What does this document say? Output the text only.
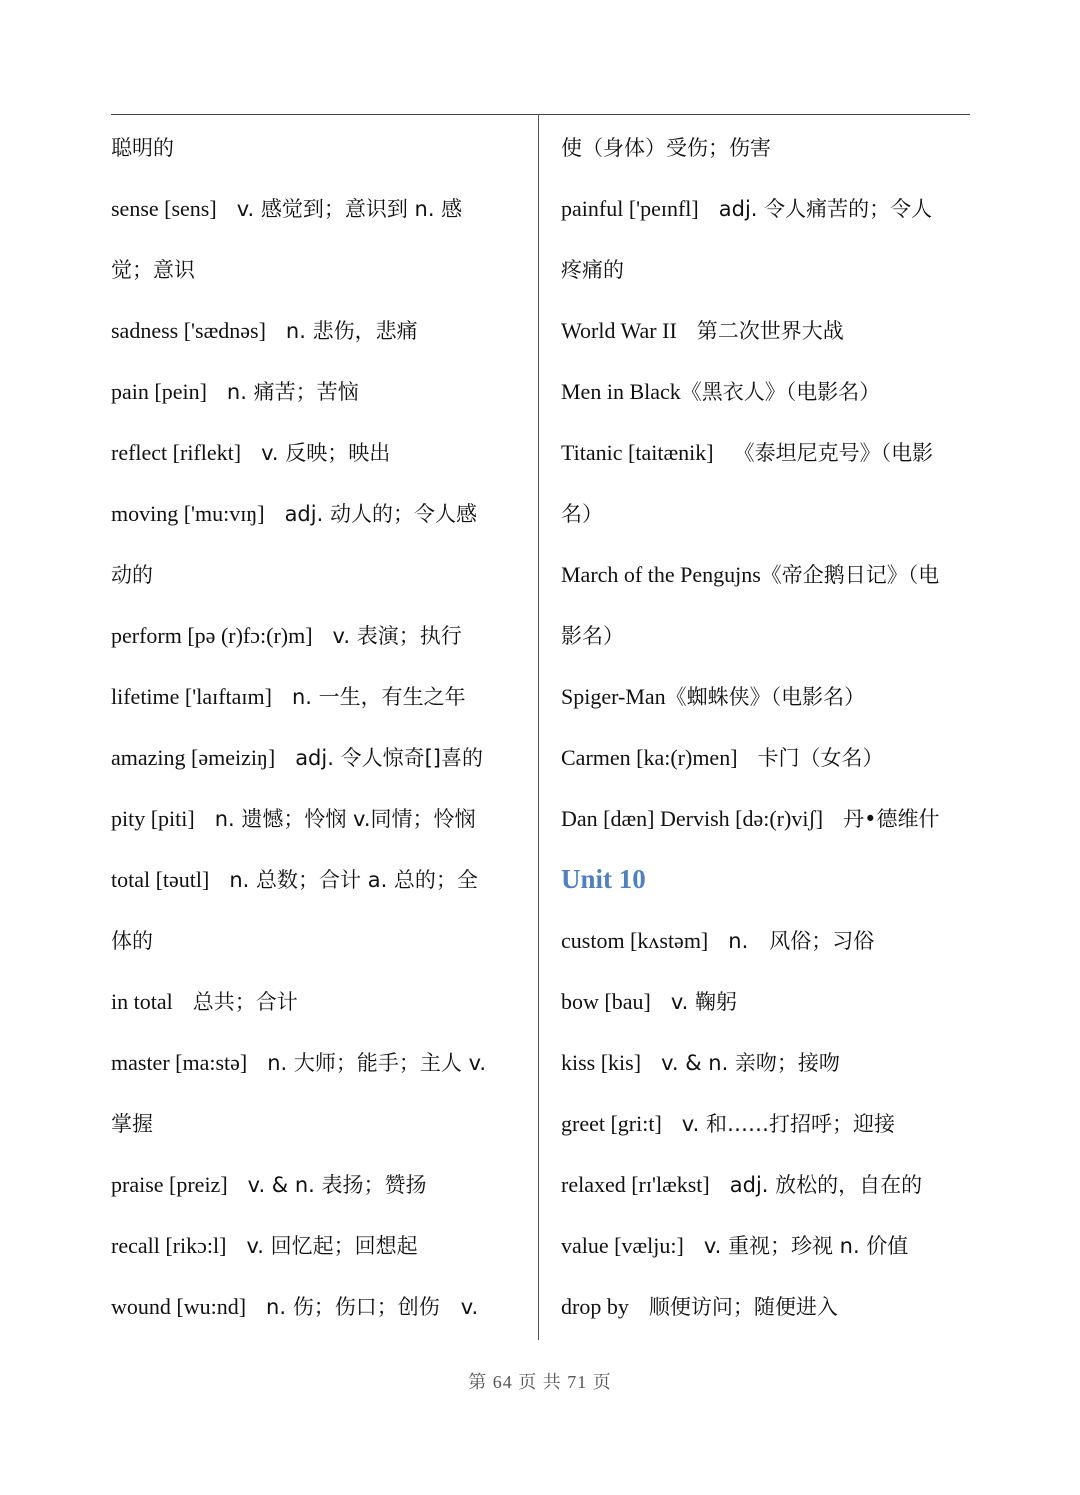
聪明的
sense [sens] v. 感觉到；意识到 n. 感
觉；意识
sadness ['sædnəs] n. 悲伤，悲痛
pain [pein] n. 痛苦；苦恼
reflect [riflekt] v. 反映；映出
moving ['mu:vɪŋ] adj. 动人的；令人感
动的
perform [pə (r)fɔ:(r)m] v. 表演；执行
lifetime ['laɪftaɪm] n. 一生，有生之年
amazing [əmeiziŋ] adj. 令人惊奇[]喜的
pity [piti] n. 遗憾；怜悯 v.同情；怜悯
total [təutl] n. 总数；合计 a. 总的；全
体的
in total 总共；合计
master [ma:stə] n. 大师；能手；主人 v.
掌握
praise [preiz] v. & n. 表扬；赞扬
recall [rikɔ:l] v. 回忆起；回想起
wound [wu:nd] n. 伤；伤口；创伤　v.
使（身体）受伤；伤害
painful ['peɪnfl] adj. 令人痛苦的；令人
疼痛的
World War II 第二次世界大战
Men in Black《黑衣人》（电影名）
Titanic [taitænik] 《泰坦尼克号》（电影
名）
March of the Pengujns《帝企鹅日记》（电
影名）
Spiger-Man《蜘蛛侠》（电影名）
Carmen [ka:(r)men] 卡门（女名）
Dan [dæn] Dervish [də:(r)viʃ] 丹•德维什
Unit 10
custom [kʌstəm] n.　风俗；习俗
bow [bau] v. 鞠躬
kiss [kis] v. & n. 亲吻；接吻
greet [gri:t] v. 和……打招呼；迎接
relaxed [rɪ'lækst] adj. 放松的，自在的
value [vælju:] v. 重视；珍视 n. 价值
drop by 顺便访问；随便进入
第 64 页 共 71 页
